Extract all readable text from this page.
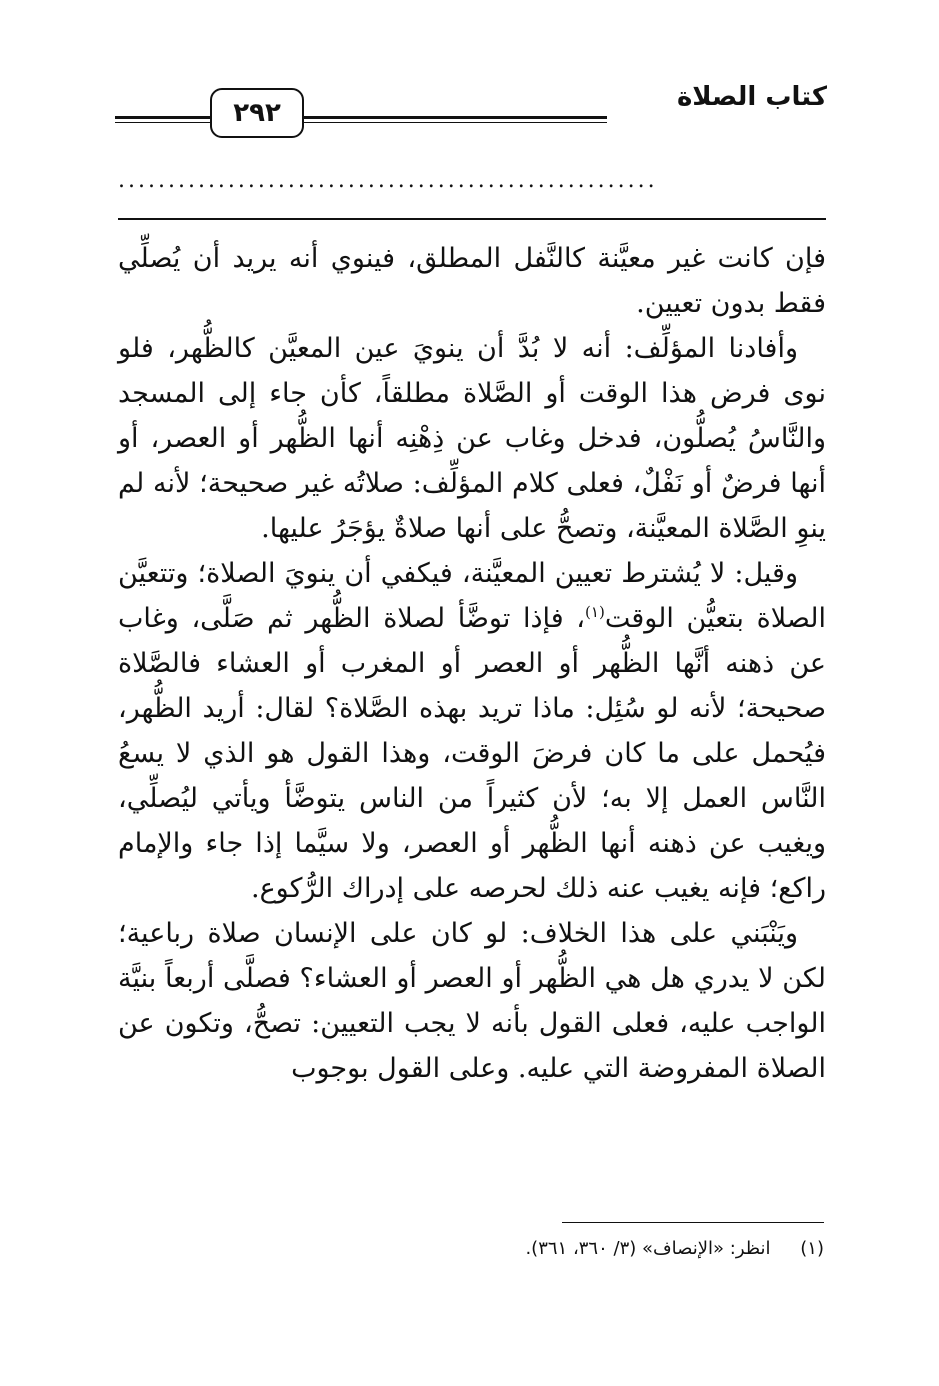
كتاب الصلاة
٢٩٢
......................................................

فإن كانت غير معيَّنة كالنَّفل المطلق، فينوي أنه يريد أن يُصلِّي فقط بدون تعيين.

وأفادنا المؤلِّف: أنه لا بُدَّ أن ينويَ عين المعيَّن كالظُّهر، فلو نوى فرض هذا الوقت أو الصَّلاة مطلقاً، كأن جاء إلى المسجد والنَّاسُ يُصلُّون، فدخل وغاب عن ذِهْنِه أنها الظُّهر أو العصر، أو أنها فرضٌ أو نَفْلٌ، فعلى كلام المؤلِّف: صلاتُه غير صحيحة؛ لأنه لم ينوِ الصَّلاة المعيَّنة، وتصحُّ على أنها صلاةٌ يؤجَرُ عليها.

وقيل: لا يُشترط تعيين المعيَّنة، فيكفي أن ينويَ الصلاة؛ وتتعيَّن الصلاة بتعيُّن الوقت$^{(١)}$، فإذا توضَّأ لصلاة الظُّهر ثم صَلَّى، وغاب عن ذهنه أنَّها الظُّهر أو العصر أو المغرب أو العشاء فالصَّلاة صحيحة؛ لأنه لو سُئِل: ماذا تريد بهذه الصَّلاة؟ لقال: أريد الظُّهر، فيُحمل على ما كان فرضَ الوقت، وهذا القول هو الذي لا يسعُ النَّاس العمل إلا به؛ لأن كثيراً من الناس يتوضَّأ ويأتي ليُصلِّي، ويغيب عن ذهنه أنها الظُّهر أو العصر، ولا سيَّما إذا جاء والإمام راكع؛ فإنه يغيب عنه ذلك لحرصه على إدراك الرُّكوع.

ويَنْبَني على هذا الخلاف: لو كان على الإنسان صلاة رباعية؛ لكن لا يدري هل هي الظُّهر أو العصر أو العشاء؟ فصلَّى أربعاً بنيَّة الواجب عليه، فعلى القول بأنه لا يجب التعيين: تصحُّ، وتكون عن الصلاة المفروضة التي عليه. وعلى القول بوجوب

(١) انظر: «الإنصاف» (٣/ ٣٦٠، ٣٦١).
